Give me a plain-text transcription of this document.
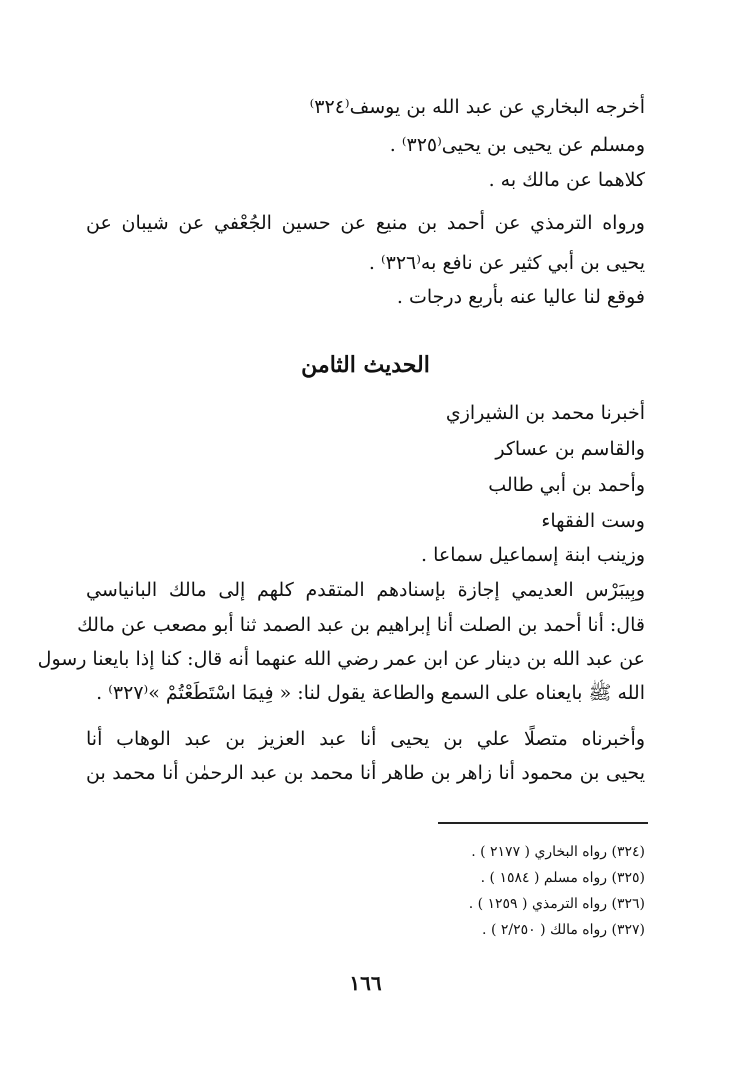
أخرجه البخاري عن عبد الله بن يوسف⁽٣٢٤⁾
ومسلم عن يحيى بن يحيى⁽٣٢٥⁾ .
كلاهما عن مالك به .
ورواه الترمذي عن أحمد بن منيع عن حسين الجُعْفي عن شيبان عن
يحيى بن أبي كثير عن نافع به⁽٣٢٦⁾ .
فوقع لنا عاليا عنه بأربع درجات .
الحديث الثامن
أخبرنا محمد بن الشيرازي
والقاسم بن عساكر
وأحمد بن أبي طالب
وست الفقهاء
وزينب ابنة إسماعيل سماعا .
وبِيبَرْس العديمي إجازة بإسنادهم المتقدم كلهم إلى مالك البانياسي
قال: أنا أحمد بن الصلت أنا إبراهيم بن عبد الصمد ثنا أبو مصعب عن مالك
عن عبد الله بن دينار عن ابن عمر رضي الله عنهما أنه قال: كنا إذا بايعنا رسول
الله ﷺ بايعناه على السمع والطاعة يقول لنا: « فِيمَا اسْتَطَعْتُمْ »⁽٣٢٧⁾ .
وأخبرناه متصلًا علي بن يحيى أنا عبد العزيز بن عبد الوهاب أنا
يحيى بن محمود أنا زاهر بن طاهر أنا محمد بن عبد الرحمٰن أنا محمد بن
(٣٢٤) رواه البخاري ( ٢١٧٧ ) .
(٣٢٥) رواه مسلم ( ١٥٨٤ ) .
(٣٢٦) رواه الترمذي ( ١٢٥٩ ) .
(٣٢٧) رواه مالك ( ٢/٢٥٠ ) .
١٦٦
